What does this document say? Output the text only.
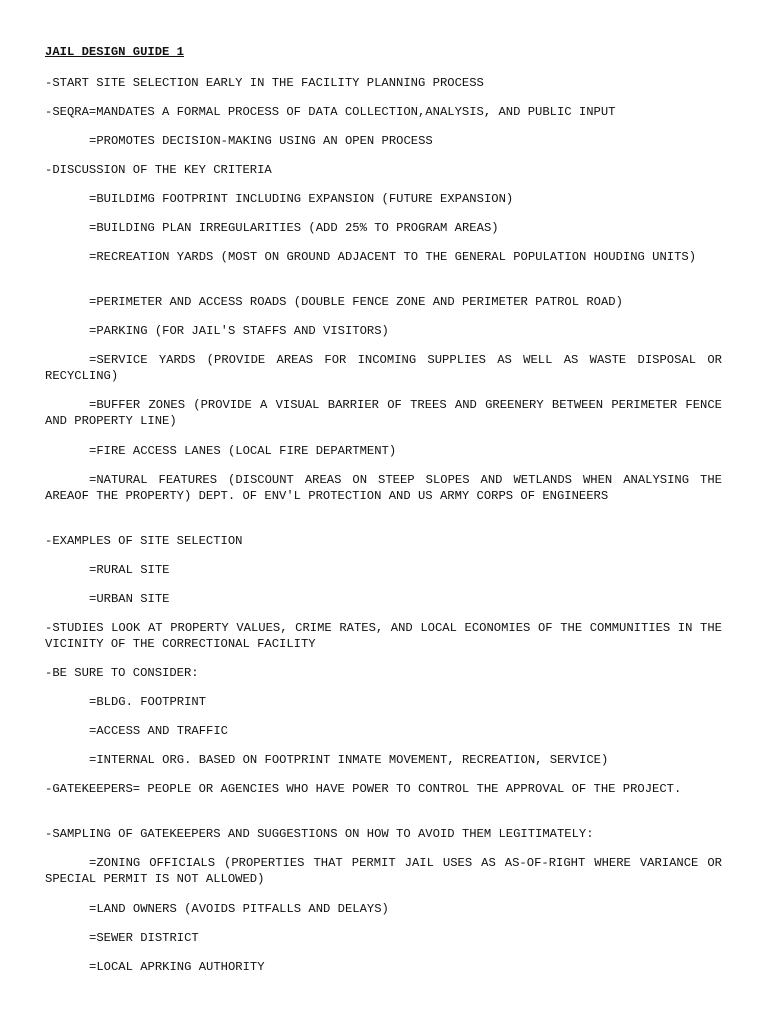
JAIL DESIGN GUIDE 1

-START SITE SELECTION EARLY IN THE FACILITY PLANNING PROCESS

-SEQRA=MANDATES A FORMAL PROCESS OF DATA COLLECTION,ANALYSIS, AND PUBLIC INPUT

=PROMOTES DECISION-MAKING USING AN OPEN PROCESS

-DISCUSSION OF THE KEY CRITERIA

=BUILDIMG FOOTPRINT INCLUDING EXPANSION (FUTURE EXPANSION)

=BUILDING PLAN IRREGULARITIES (ADD 25% TO PROGRAM AREAS)

=RECREATION YARDS (MOST ON GROUND ADJACENT TO THE GENERAL POPULATION HOUDING UNITS)

=PERIMETER AND ACCESS ROADS (DOUBLE FENCE ZONE AND PERIMETER PATROL ROAD)

=PARKING (FOR JAIL'S STAFFS AND VISITORS)

=SERVICE YARDS (PROVIDE AREAS FOR INCOMING SUPPLIES AS WELL AS WASTE DISPOSAL OR RECYCLING)

=BUFFER ZONES (PROVIDE A VISUAL BARRIER OF TREES AND GREENERY BETWEEN PERIMETER FENCE AND PROPERTY LINE)

=FIRE ACCESS LANES (LOCAL FIRE DEPARTMENT)

=NATURAL FEATURES (DISCOUNT AREAS ON STEEP SLOPES AND WETLANDS WHEN ANALYSING THE AREAOF THE PROPERTY) DEPT. OF ENV'L PROTECTION AND US ARMY CORPS OF ENGINEERS

-EXAMPLES OF SITE SELECTION

=RURAL SITE

=URBAN SITE

-STUDIES LOOK AT PROPERTY VALUES, CRIME RATES, AND LOCAL ECONOMIES OF THE COMMUNITIES IN THE VICINITY OF THE CORRECTIONAL FACILITY

-BE SURE TO CONSIDER:

=BLDG. FOOTPRINT

=ACCESS AND TRAFFIC

=INTERNAL ORG. BASED ON FOOTPRINT INMATE MOVEMENT, RECREATION, SERVICE)

-GATEKEEPERS= PEOPLE OR AGENCIES WHO HAVE POWER TO CONTROL THE APPROVAL OF THE PROJECT.

-SAMPLING OF GATEKEEPERS AND SUGGESTIONS ON HOW TO AVOID THEM LEGITIMATELY:

=ZONING OFFICIALS (PROPERTIES THAT PERMIT JAIL USES AS AS-OF-RIGHT WHERE VARIANCE OR SPECIAL PERMIT IS NOT ALLOWED)

=LAND OWNERS (AVOIDS PITFALLS AND DELAYS)

=SEWER DISTRICT

=LOCAL APRKING AUTHORITY
